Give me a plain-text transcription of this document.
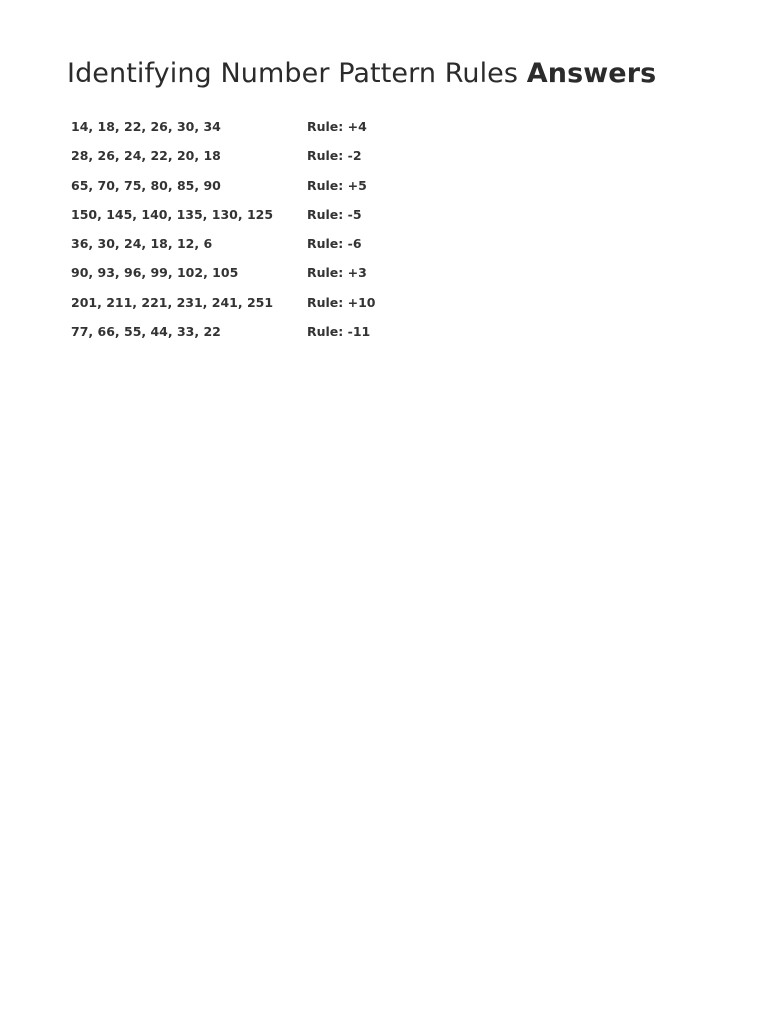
Identifying Number Pattern Rules Answers
14, 18, 22, 26, 30, 34	Rule: +4
28, 26, 24, 22, 20, 18	Rule: -2
65, 70, 75, 80, 85, 90	Rule: +5
150, 145, 140, 135, 130, 125	Rule: -5
36, 30, 24, 18, 12, 6	Rule: -6
90, 93, 96, 99, 102, 105	Rule: +3
201, 211, 221, 231, 241, 251	Rule: +10
77, 66, 55, 44, 33, 22	Rule: -11
